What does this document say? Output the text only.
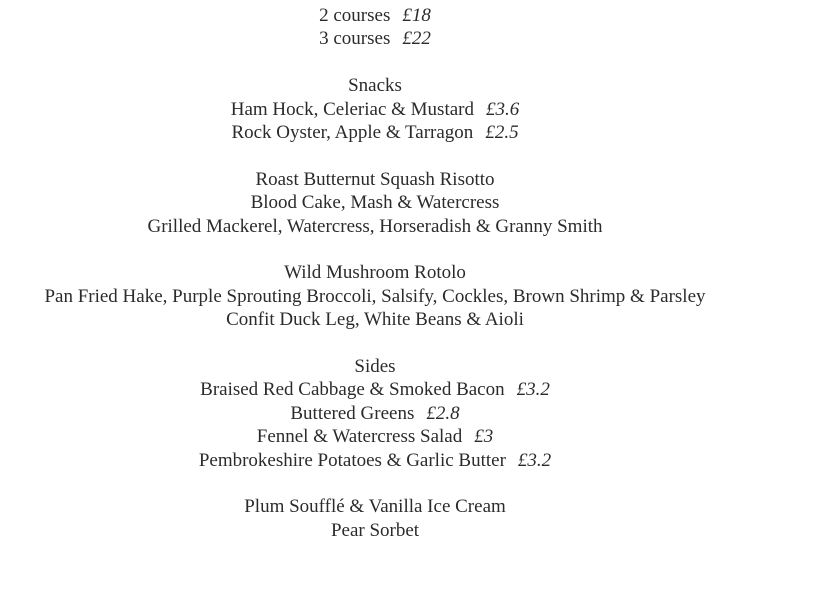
2 courses £18
3 courses £22
Snacks
Ham Hock, Celeriac & Mustard £3.6
Rock Oyster, Apple & Tarragon £2.5
Roast Butternut Squash Risotto
Blood Cake, Mash & Watercress
Grilled Mackerel, Watercress, Horseradish & Granny Smith
Wild Mushroom Rotolo
Pan Fried Hake, Purple Sprouting Broccoli, Salsify, Cockles, Brown Shrimp & Parsley
Confit Duck Leg, White Beans & Aioli
Sides
Braised Red Cabbage & Smoked Bacon £3.2
Buttered Greens £2.8
Fennel & Watercress Salad £3
Pembrokeshire Potatoes & Garlic Butter £3.2
Plum Soufflé & Vanilla Ice Cream
Pear Sorbet
